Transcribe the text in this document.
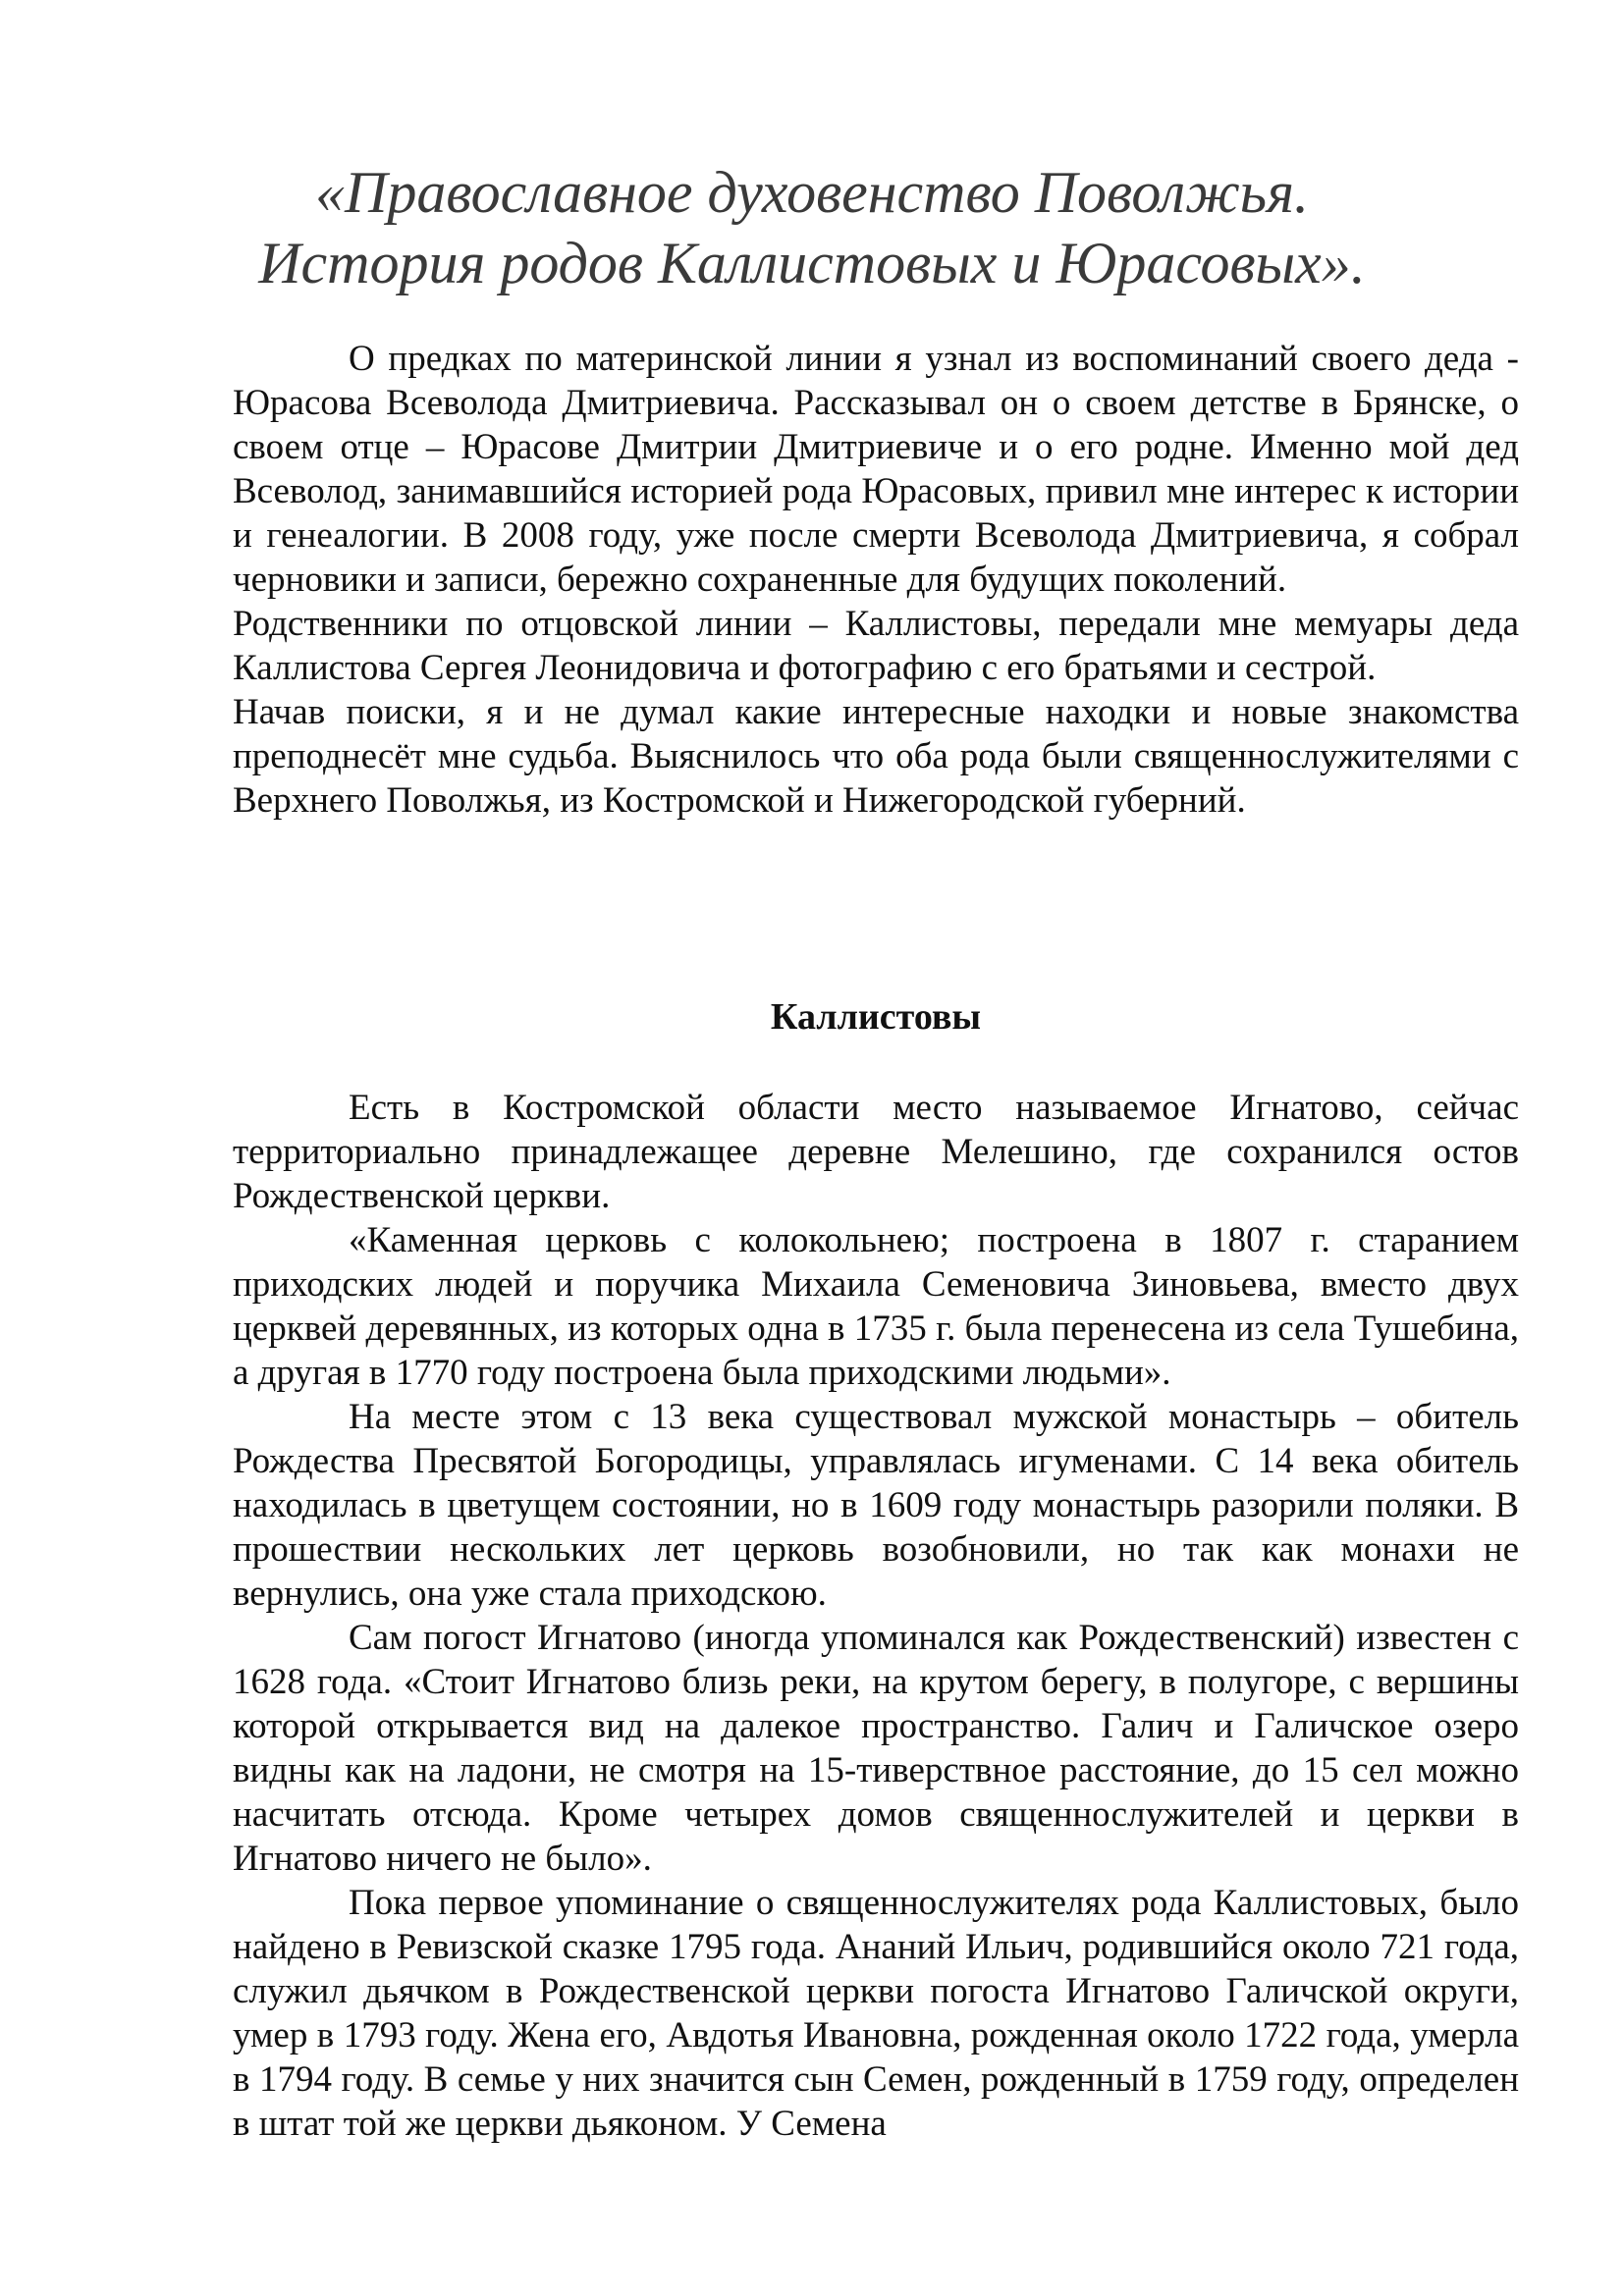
«Православное духовенство Поволжья.
История родов Каллистовых и Юрасовых».

О предках по материнской линии я узнал из воспоминаний своего деда - Юрасова Всеволода Дмитриевича. Рассказывал он о своем детстве в Брянске, о своем отце – Юрасове Дмитрии Дмитриевиче и о его родне. Именно мой дед Всеволод, занимавшийся историей рода Юрасовых, привил мне интерес к истории и генеалогии. В 2008 году, уже после смерти Всеволода Дмитриевича, я собрал черновики и записи, бережно сохраненные для будущих поколений.

Родственники по отцовской линии – Каллистовы, передали мне мемуары деда Каллистова Сергея Леонидовича и фотографию с его братьями и сестрой.

Начав поиски, я и не думал какие интересные находки и новые знакомства преподнесёт мне судьба. Выяснилось что оба рода были священнослужителями с Верхнего Поволжья, из Костромской и Нижегородской губерний.

Каллистовы

Есть в Костромской области место называемое Игнатово, сейчас территориально принадлежащее деревне Мелешино, где сохранился остов Рождественской церкви.

«Каменная церковь с колокольнею; построена в 1807 г. старанием приходских людей и поручика Михаила Семеновича Зиновьева, вместо двух церквей деревянных, из которых одна в 1735 г. была перенесена из села Тушебина, а другая в 1770 году построена была приходскими людьми».

На месте этом с 13 века существовал мужской монастырь – обитель Рождества Пресвятой Богородицы, управлялась игуменами. С 14 века обитель находилась в цветущем состоянии, но в 1609 году монастырь разорили поляки. В прошествии нескольких лет церковь возобновили, но так как монахи не вернулись, она уже стала приходскою.

Сам погост Игнатово (иногда упоминался как Рождественский) известен с 1628 года. «Стоит Игнатово близь реки, на крутом берегу, в полугоре, с вершины которой открывается вид на далекое пространство. Галич и Галичское озеро видны как на ладони, не смотря на 15-тиверствное расстояние, до 15 сел можно насчитать отсюда. Кроме четырех домов священнослужителей и церкви в Игнатово ничего не было».

Пока первое упоминание о священнослужителях рода Каллистовых, было найдено в Ревизской сказке 1795 года. Ананий Ильич, родившийся около 721 года, служил дьячком в Рождественской церкви погоста Игнатово Галичской округи, умер в 1793 году. Жена его, Авдотья Ивановна, рожденная около 1722 года, умерла в 1794 году. В семье у них значится сын Семен, рожденный в 1759 году, определен в штат той же церкви дьяконом. У Семена
